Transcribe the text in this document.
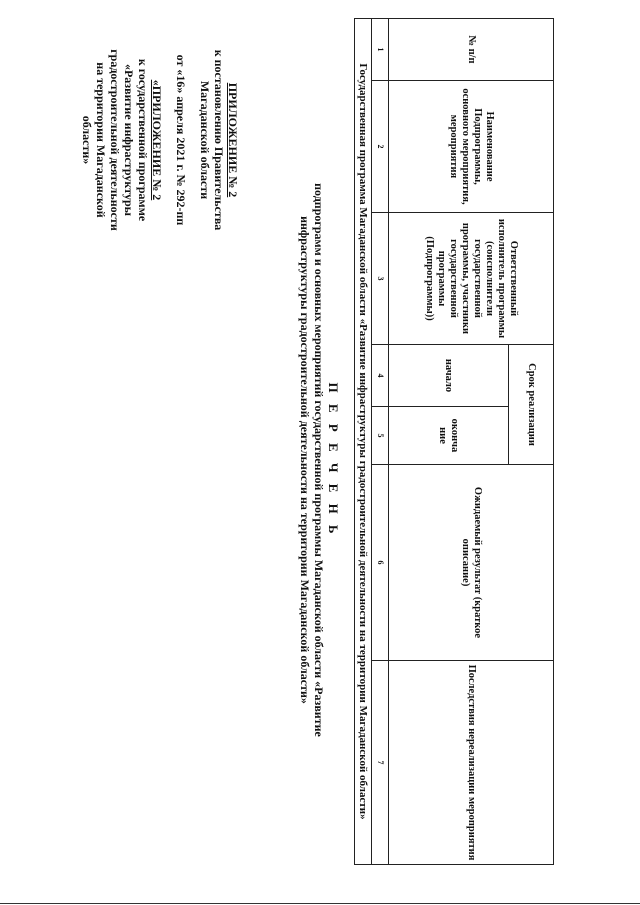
№ п/п	Наименование Подпрограммы, основного мероприятия, мероприятия	Ответственный исполнитель программы (соисполнители государственной программы, участники государственной программы (Подпрограммы))	Срок реализации		Ожидаемый результат (краткое описание)	Последствия нереализации мероприятия
			начало	оконча ние		
1	2	3	4	5	6	7
Государственная программа Магаданской области «Развитие инфраструктуры градостроительной деятельности на территории Магаданской области»						
ПРИЛОЖЕНИЕ № 2
к постановлению Правительства
Магаданской области
от «16» апреля 2021 г. № 292-пп
«ПРИЛОЖЕНИЕ № 2
к государственной программе
«Развитие инфраструктуры
градостроительной деятельности
на территории Магаданской
области»
П Е Р Е Ч Е Н Ь
подпрограмм и основных мероприятий государственной программы Магаданской области «Развитие
инфраструктуры градостроительной деятельности на территории Магаданской области»
